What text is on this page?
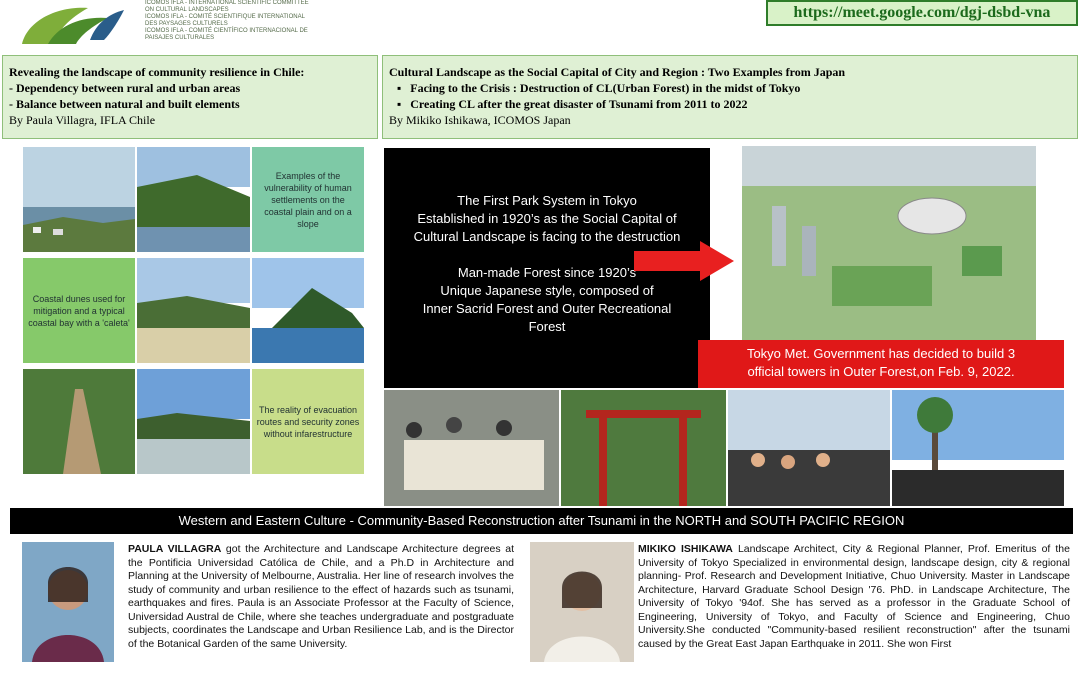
ICOMOS IFLA - INTERNATIONAL SCIENTIFIC COMMITTEE
ON CULTURAL LANDSCAPES
ICOMOS IFLA - COMITÉ SCIENTIFIQUE INTERNATIONAL
DES PAYSAGES CULTURELS
ICOMOS IFLA - COMITÉ CIENTÍFICO INTERNACIONAL DE
PAISAJES CULTURALES
https://meet.google.com/dgj-dsbd-vna
Revealing the landscape of community resilience in Chile:
- Dependency between rural and urban areas
- Balance between natural and built elements
By Paula Villagra, IFLA Chile
Cultural Landscape as the Social Capital of City and Region : Two Examples from Japan
▪ Facing to the Crisis : Destruction of CL(Urban Forest) in the midst of Tokyo
▪ Creating CL after the great disaster of Tsunami from 2011 to 2022
By Mikiko Ishikawa, ICOMOS Japan
Examples of the vulnerability of human settlements on the coastal plain and on a slope
Coastal dunes used for mitigation and a typical coastal bay with a 'caleta'
The reality of evacuation routes and security zones without infarestructure
The First Park System in Tokyo
Established in 1920’s as the Social Capital of
Cultural Landscape is facing to the destruction
Man-made Forest since 1920’s
Unique Japanese style, composed of
Inner Sacrid Forest and Outer Recreational
Forest
Tokyo Met. Government has decided to build 3
official towers in Outer Forest,on Feb. 9, 2022.
Western and Eastern Culture - Community-Based Reconstruction after Tsunami in the NORTH and SOUTH PACIFIC REGION
PAULA VILLAGRA got the Architecture and Landscape Architecture degrees at the Pontificia Universidad Católica de Chile, and a Ph.D in Architecture and Planning at the University of Melbourne, Australia. Her line of research involves the study of community and urban resilience to the effect of hazards such as tsunami, earthquakes and fires. Paula is an Associate Professor at the Faculty of Science, Universidad Austral de Chile, where she teaches undergraduate and postgraduate subjects, coordinates the Landscape and Urban Resilience Lab, and is the Director of the Botanical Garden of the same University.
MIKIKO ISHIKAWA Landscape Architect, City & Regional Planner, Prof. Emeritus of the University of Tokyo Specialized in environmental design, landscape design, city & regional planning- Prof. Research and Development Initiative, Chuo University. Master in Landscape Architecture, Harvard Graduate School Design '76. PhD. in Landscape Architecture, The University of Tokyo '94of. She has served as a professor in the Graduate School of Engineering, University of Tokyo, and Faculty of Science and Engineering, Chuo University.She conducted "Community-based resilient reconstruction" after the tsunami caused by the Great East Japan Earthquake in 2011. She won First
